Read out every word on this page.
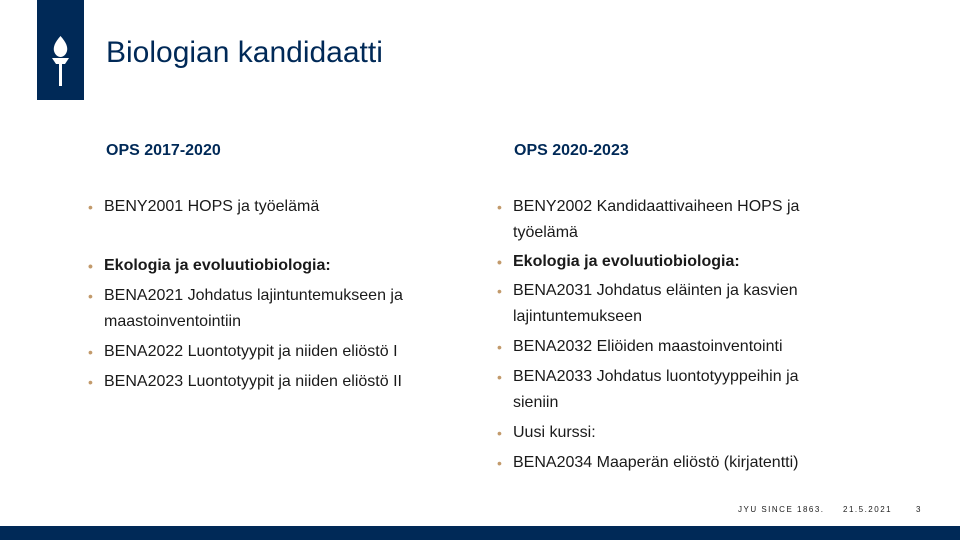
Biologian kandidaatti
OPS 2017-2020	OPS 2020-2023
• BENY2001 HOPS ja työelämä
• Ekologia ja evoluutiobiologia:
• BENA2021 Johdatus lajintuntemukseen ja maastoinventointiin
• BENA2022 Luontotyypit ja niiden eliöstö I
• BENA2023 Luontotyypit ja niiden eliöstö II
• BENY2002 Kandidaattivaiheen HOPS ja työelämä
• Ekologia ja evoluutiobiologia:
• BENA2031 Johdatus eläinten ja kasvien lajintuntemukseen
• BENA2032 Eliöiden maastoinventointi
• BENA2033 Johdatus luontotyyppeihin ja sieniin
• Uusi kurssi:
• BENA2034 Maaperän eliöstö (kirjatentti)
JYU SINCE 1863. 21.5.2021	3
